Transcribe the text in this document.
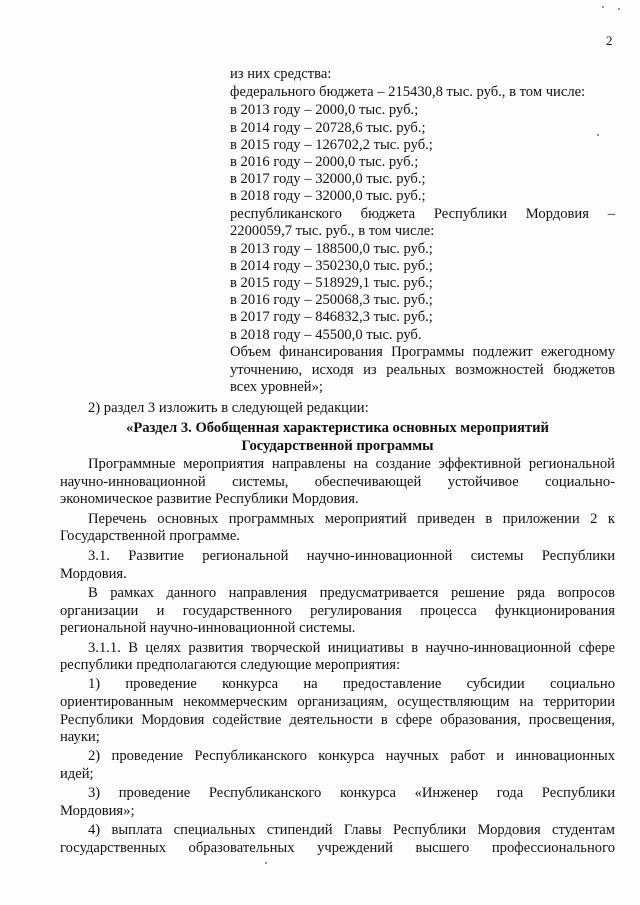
2
из них средства:
федерального бюджета – 215430,8 тыс. руб., в том числе:
в 2013 году – 2000,0 тыс. руб.;
в 2014 году – 20728,6 тыс. руб.;
в 2015 году – 126702,2 тыс. руб.;
в 2016 году – 2000,0 тыс. руб.;
в 2017 году – 32000,0 тыс. руб.;
в 2018 году – 32000,0 тыс. руб.;
республиканского бюджета Республики Мордовия –
2200059,7 тыс. руб., в том числе:
в 2013 году – 188500,0 тыс. руб.;
в 2014 году – 350230,0 тыс. руб.;
в 2015 году – 518929,1 тыс. руб.;
в 2016 году – 250068,3 тыс. руб.;
в 2017 году – 846832,3 тыс. руб.;
в 2018 году – 45500,0 тыс. руб.
Объем финансирования Программы подлежит ежегодному
уточнению, исходя из реальных возможностей бюджетов
всех уровней»;
2) раздел 3 изложить в следующей редакции:
«Раздел 3. Обобщенная характеристика основных мероприятий
Государственной программы
Программные мероприятия направлены на создание эффективной региональной
научно-инновационной системы, обеспечивающей устойчивое социально-
экономическое развитие Республики Мордовия.
Перечень основных программных мероприятий приведен в приложении 2 к
Государственной программе.
3.1. Развитие региональной научно-инновационной системы Республики
Мордовия.
В рамках данного направления предусматривается решение ряда вопросов
организации и государственного регулирования процесса функционирования
региональной научно-инновационной системы.
3.1.1. В целях развития творческой инициативы в научно-инновационной сфере
республики предполагаются следующие мероприятия:
1) проведение конкурса на предоставление субсидии социально
ориентированным некоммерческим организациям, осуществляющим на территории
Республики Мордовия содействие деятельности в сфере образования, просвещения,
науки;
2) проведение Республиканского конкурса научных работ и инновационных
идей;
3) проведение Республиканского конкурса «Инженер года Республики
Мордовия»;
4) выплата специальных стипендий Главы Республики Мордовия студентам
государственных образовательных учреждений высшего профессионального
